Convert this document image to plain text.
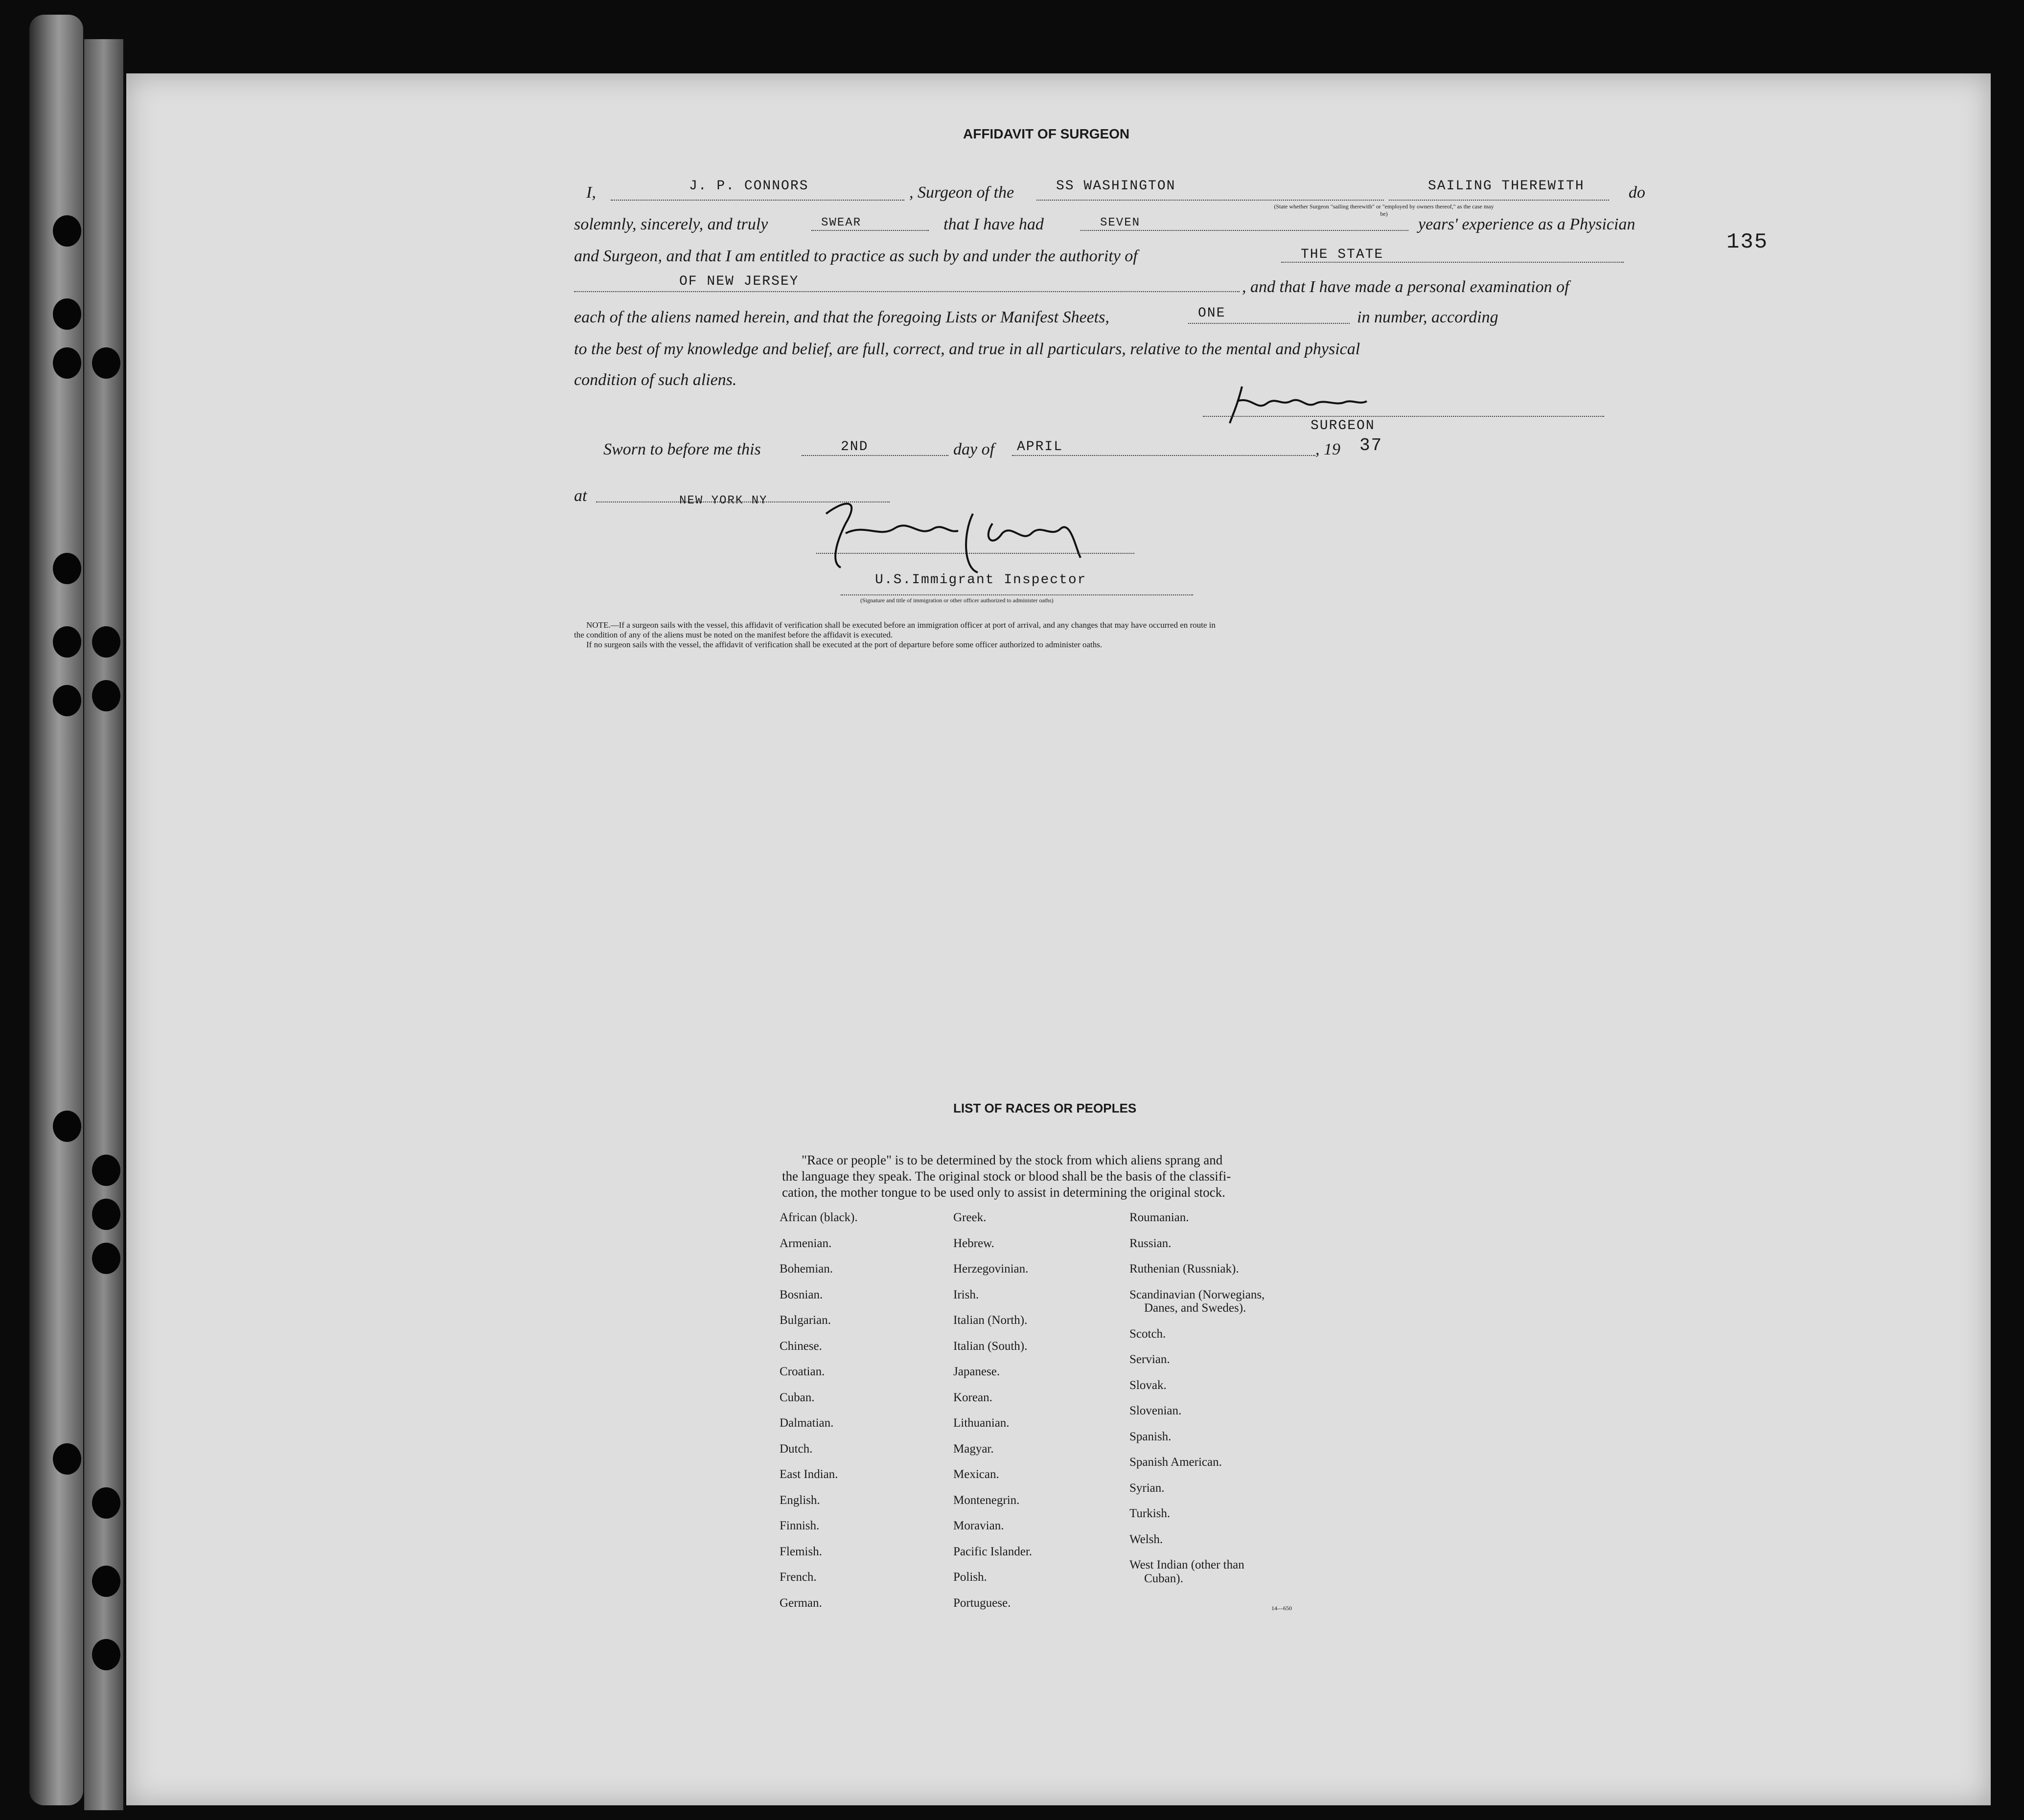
135
AFFIDAVIT OF SURGEON
I,	J. P. CONNORS	, Surgeon of the	SS WASHINGTON	SAILING THEREWITH
(State whether Surgeon "sailing therewith" or "employed by owners thereof," as the case may be)
do
solemnly, sincerely, and truly	SWEAR	that I have had	SEVEN	years' experience as a Physician
and Surgeon, and that I am entitled to practice as such by and under the authority of	THE STATE
OF NEW JERSEY	, and that I have made a personal examination of
each of the aliens named herein, and that the foregoing Lists or Manifest Sheets,	ONE	in number, according
to the best of my knowledge and belief, are full, correct, and true in all particulars, relative to the mental and physical
condition of such aliens.
SURGEON
Sworn to before me this	2ND	day of APRIL	, 19 37
at	NEW YORK NY
U.S.Immigrant Inspector
(Signature and title of immigration or other officer authorized to administer oaths)
NOTE.—If a surgeon sails with the vessel, this affidavit of verification shall be executed before an immigration officer at port of arrival, and any changes that may have occurred en route in
the condition of any of the aliens must be noted on the manifest before the affidavit is executed.
If no surgeon sails with the vessel, the affidavit of verification shall be executed at the port of departure before some officer authorized to administer oaths.
LIST OF RACES OR PEOPLES
"Race or people" is to be determined by the stock from which aliens sprang and
the language they speak. The original stock or blood shall be the basis of the classifi-
cation, the mother tongue to be used only to assist in determining the original stock.
African (black).
Armenian.
Bohemian.
Bosnian.
Bulgarian.
Chinese.
Croatian.
Cuban.
Dalmatian.
Dutch.
East Indian.
English.
Finnish.
Flemish.
French.
German.
Greek.
Hebrew.
Herzegovinian.
Irish.
Italian (North).
Italian (South).
Japanese.
Korean.
Lithuanian.
Magyar.
Mexican.
Montenegrin.
Moravian.
Pacific Islander.
Polish.
Portuguese.
Roumanian.
Russian.
Ruthenian (Russniak).
Scandinavian (Norwegians,
Danes, and Swedes).
Scotch.
Servian.
Slovak.
Slovenian.
Spanish.
Spanish American.
Syrian.
Turkish.
Welsh.
West Indian (other than
Cuban).
14—650
